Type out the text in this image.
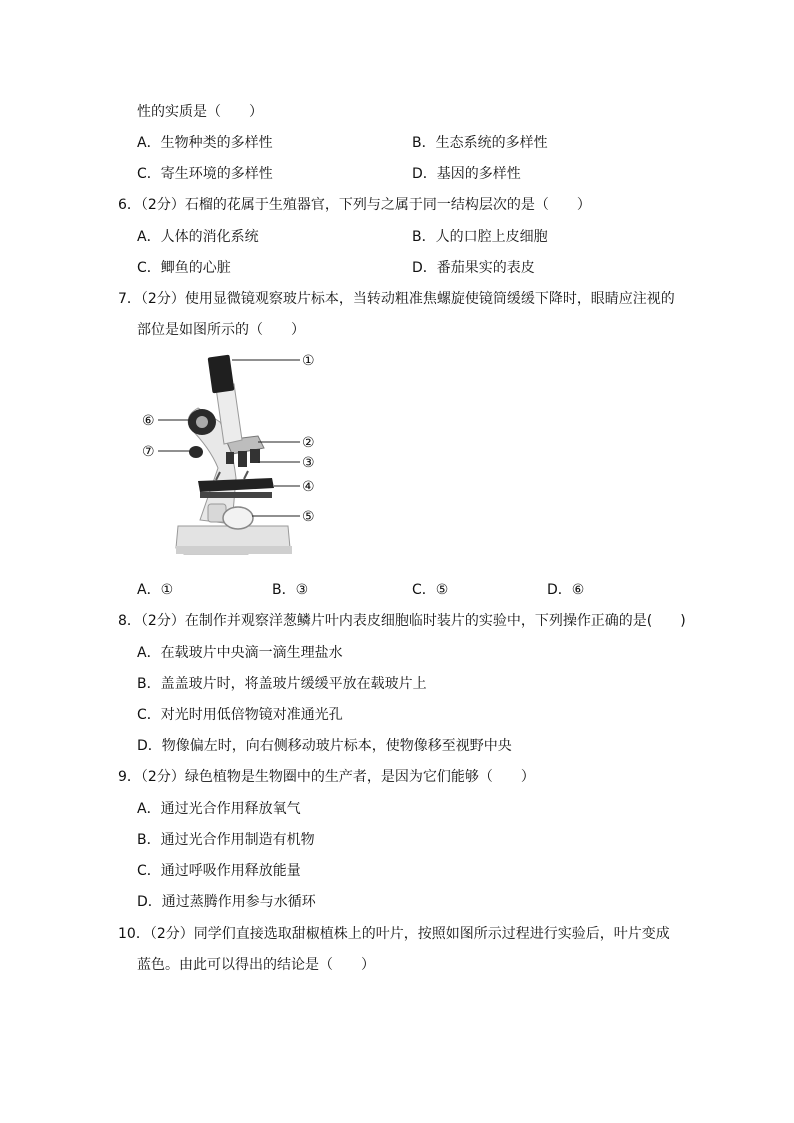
性的实质是（　　）
A．生物种类的多样性	B．生态系统的多样性
C．寄生环境的多样性	D．基因的多样性
6．（2分）石榴的花属于生殖器官，下列与之属于同一结构层次的是（　　）
A．人体的消化系统	B．人的口腔上皮细胞
C．鲫鱼的心脏	D．番茄果实的表皮
7．（2分）使用显微镜观察玻片标本，当转动粗准焦螺旋使镜筒缓缓下降时，眼睛应注视的
部位是如图所示的（　　）
①
②
③
④
⑤
⑥
⑦
A．①	B．③	C．⑤	D．⑥
8．（2分）在制作并观察洋葱鳞片叶内表皮细胞临时装片的实验中，下列操作正确的是(　　)
A．在载玻片中央滴一滴生理盐水
B．盖盖玻片时，将盖玻片缓缓平放在载玻片上
C．对光时用低倍物镜对准通光孔
D．物像偏左时，向右侧移动玻片标本，使物像移至视野中央
9．（2分）绿色植物是生物圈中的生产者，是因为它们能够（　　）
A．通过光合作用释放氧气
B．通过光合作用制造有机物
C．通过呼吸作用释放能量
D．通过蒸腾作用参与水循环
10．（2分）同学们直接选取甜椒植株上的叶片，按照如图所示过程进行实验后，叶片变成
蓝色。由此可以得出的结论是（　　）
